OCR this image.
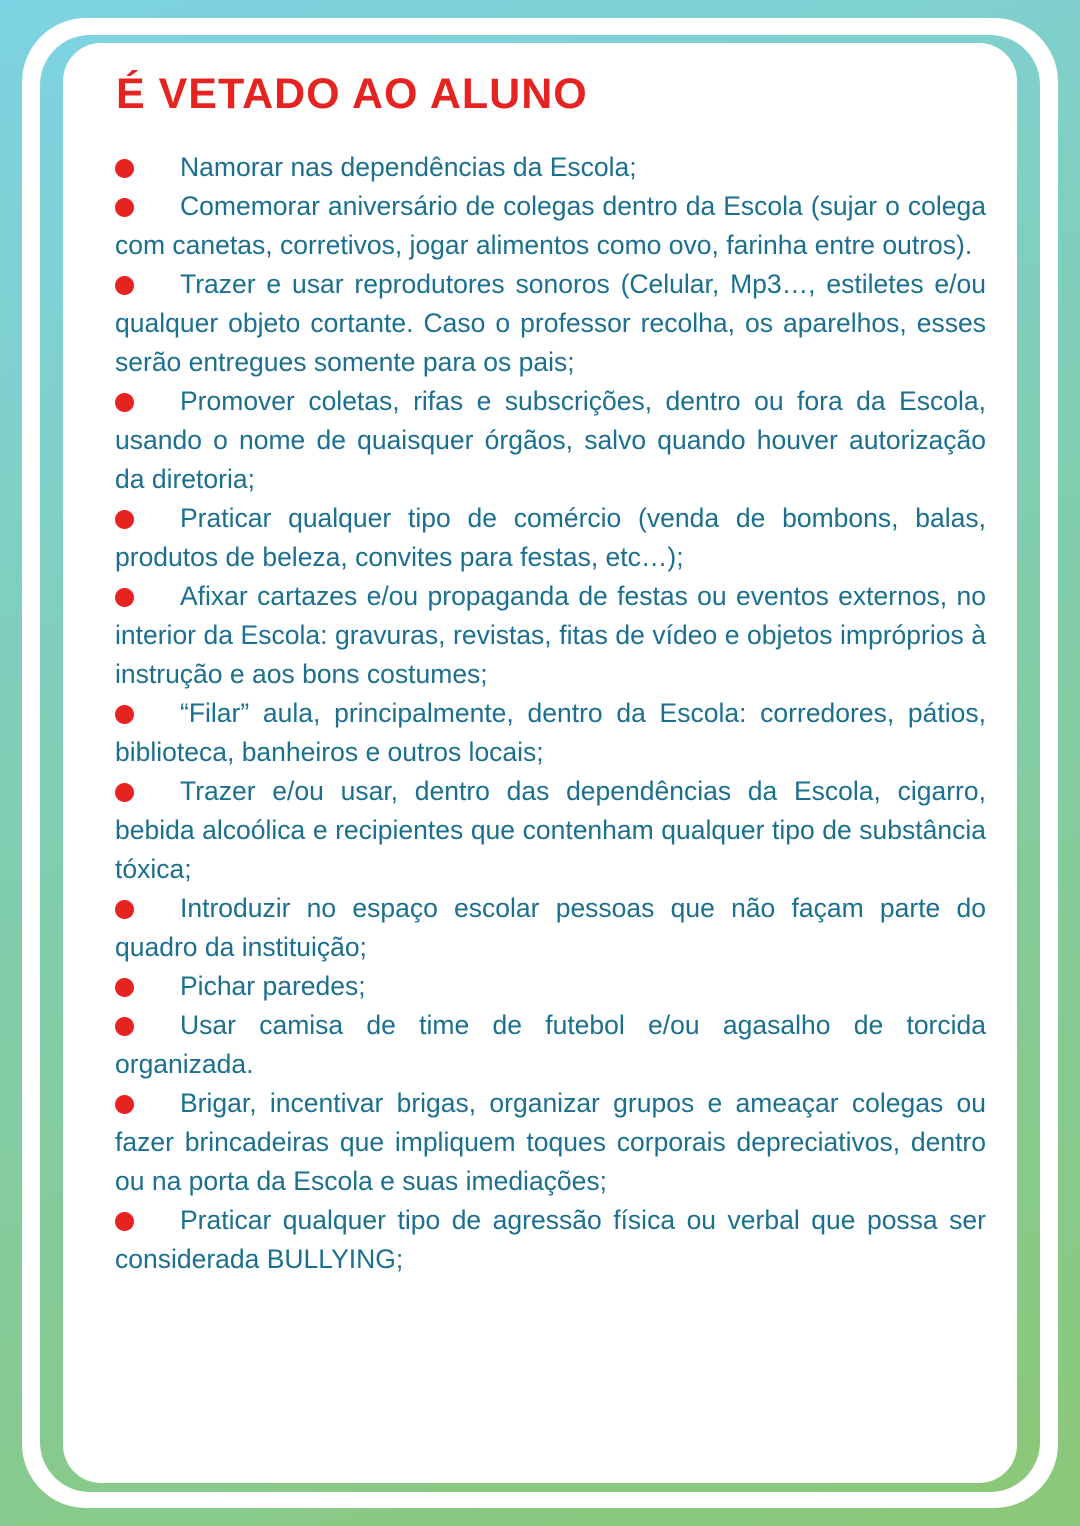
É VETADO AO ALUNO
Namorar nas dependências da Escola;
Comemorar aniversário de colegas dentro da Escola (sujar o colega com canetas, corretivos, jogar alimentos como ovo, farinha entre outros).
Trazer e usar reprodutores sonoros (Celular, Mp3…, estiletes e/ou qualquer objeto cortante. Caso o professor recolha, os aparelhos, esses serão entregues somente para os pais;
Promover coletas, rifas e subscrições, dentro ou fora da Escola, usando o nome de quaisquer órgãos, salvo quando houver autorização da diretoria;
Praticar qualquer tipo de comércio (venda de bombons, balas, produtos de beleza, convites para festas, etc…);
Afixar cartazes e/ou propaganda de festas ou eventos externos, no interior da Escola: gravuras, revistas, fitas de vídeo e objetos impróprios à instrução e aos bons costumes;
“Filar” aula, principalmente, dentro da Escola: corredores, pátios, biblioteca, banheiros e outros locais;
Trazer e/ou usar, dentro das dependências da Escola, cigarro, bebida alcoólica e recipientes que contenham qualquer tipo de substância tóxica;
Introduzir no espaço escolar pessoas que não façam parte do quadro da instituição;
Pichar paredes;
Usar camisa de time de futebol e/ou agasalho de torcida organizada.
Brigar, incentivar brigas, organizar grupos e ameaçar colegas ou fazer brincadeiras que impliquem toques corporais depreciativos, dentro ou na porta da Escola e suas imediações;
Praticar qualquer tipo de agressão física ou verbal que possa ser considerada BULLYING;
